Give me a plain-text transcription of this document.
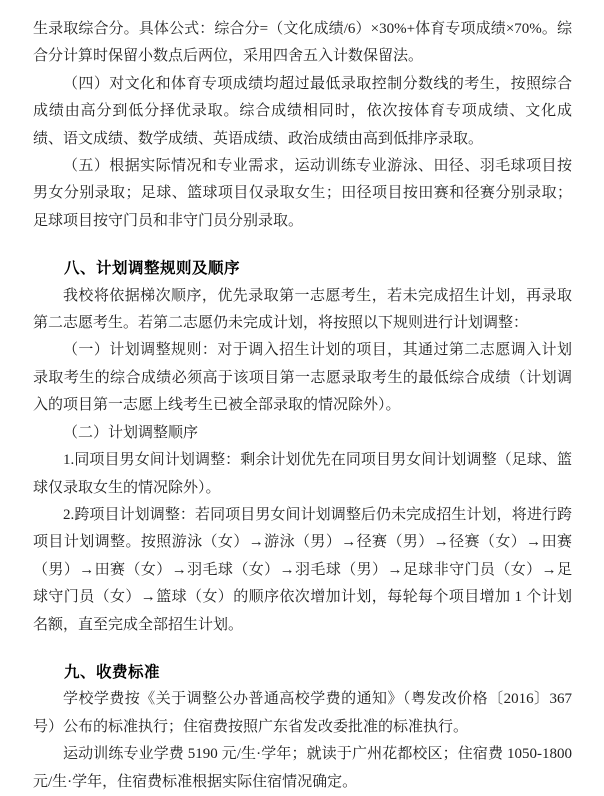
生录取综合分。具体公式：综合分=（文化成绩/6）×30%+体育专项成绩×70%。综合分计算时保留小数点后两位，采用四舍五入计数保留法。

（四）对文化和体育专项成绩均超过最低录取控制分数线的考生，按照综合成绩由高分到低分择优录取。综合成绩相同时，依次按体育专项成绩、文化成绩、语文成绩、数学成绩、英语成绩、政治成绩由高到低排序录取。

（五）根据实际情况和专业需求，运动训练专业游泳、田径、羽毛球项目按男女分别录取；足球、篮球项目仅录取女生；田径项目按田赛和径赛分别录取；足球项目按守门员和非守门员分别录取。

八、计划调整规则及顺序

我校将依据梯次顺序，优先录取第一志愿考生，若未完成招生计划，再录取第二志愿考生。若第二志愿仍未完成计划，将按照以下规则进行计划调整：

（一）计划调整规则：对于调入招生计划的项目，其通过第二志愿调入计划录取考生的综合成绩必须高于该项目第一志愿录取考生的最低综合成绩（计划调入的项目第一志愿上线考生已被全部录取的情况除外）。

（二）计划调整顺序

1.同项目男女间计划调整：剩余计划优先在同项目男女间计划调整（足球、篮球仅录取女生的情况除外）。

2.跨项目计划调整：若同项目男女间计划调整后仍未完成招生计划，将进行跨项目计划调整。按照游泳（女）→游泳（男）→径赛（男）→径赛（女）→田赛（男）→田赛（女）→羽毛球（女）→羽毛球（男）→足球非守门员（女）→足球守门员（女）→篮球（女）的顺序依次增加计划，每轮每个项目增加 1 个计划名额，直至完成全部招生计划。

九、收费标准

学校学费按《关于调整公办普通高校学费的通知》（粤发改价格〔2016〕367号）公布的标准执行；住宿费按照广东省发改委批准的标准执行。

运动训练专业学费 5190 元/生·学年；就读于广州花都校区；住宿费 1050-1800 元/生·学年，住宿费标准根据实际住宿情况确定。
